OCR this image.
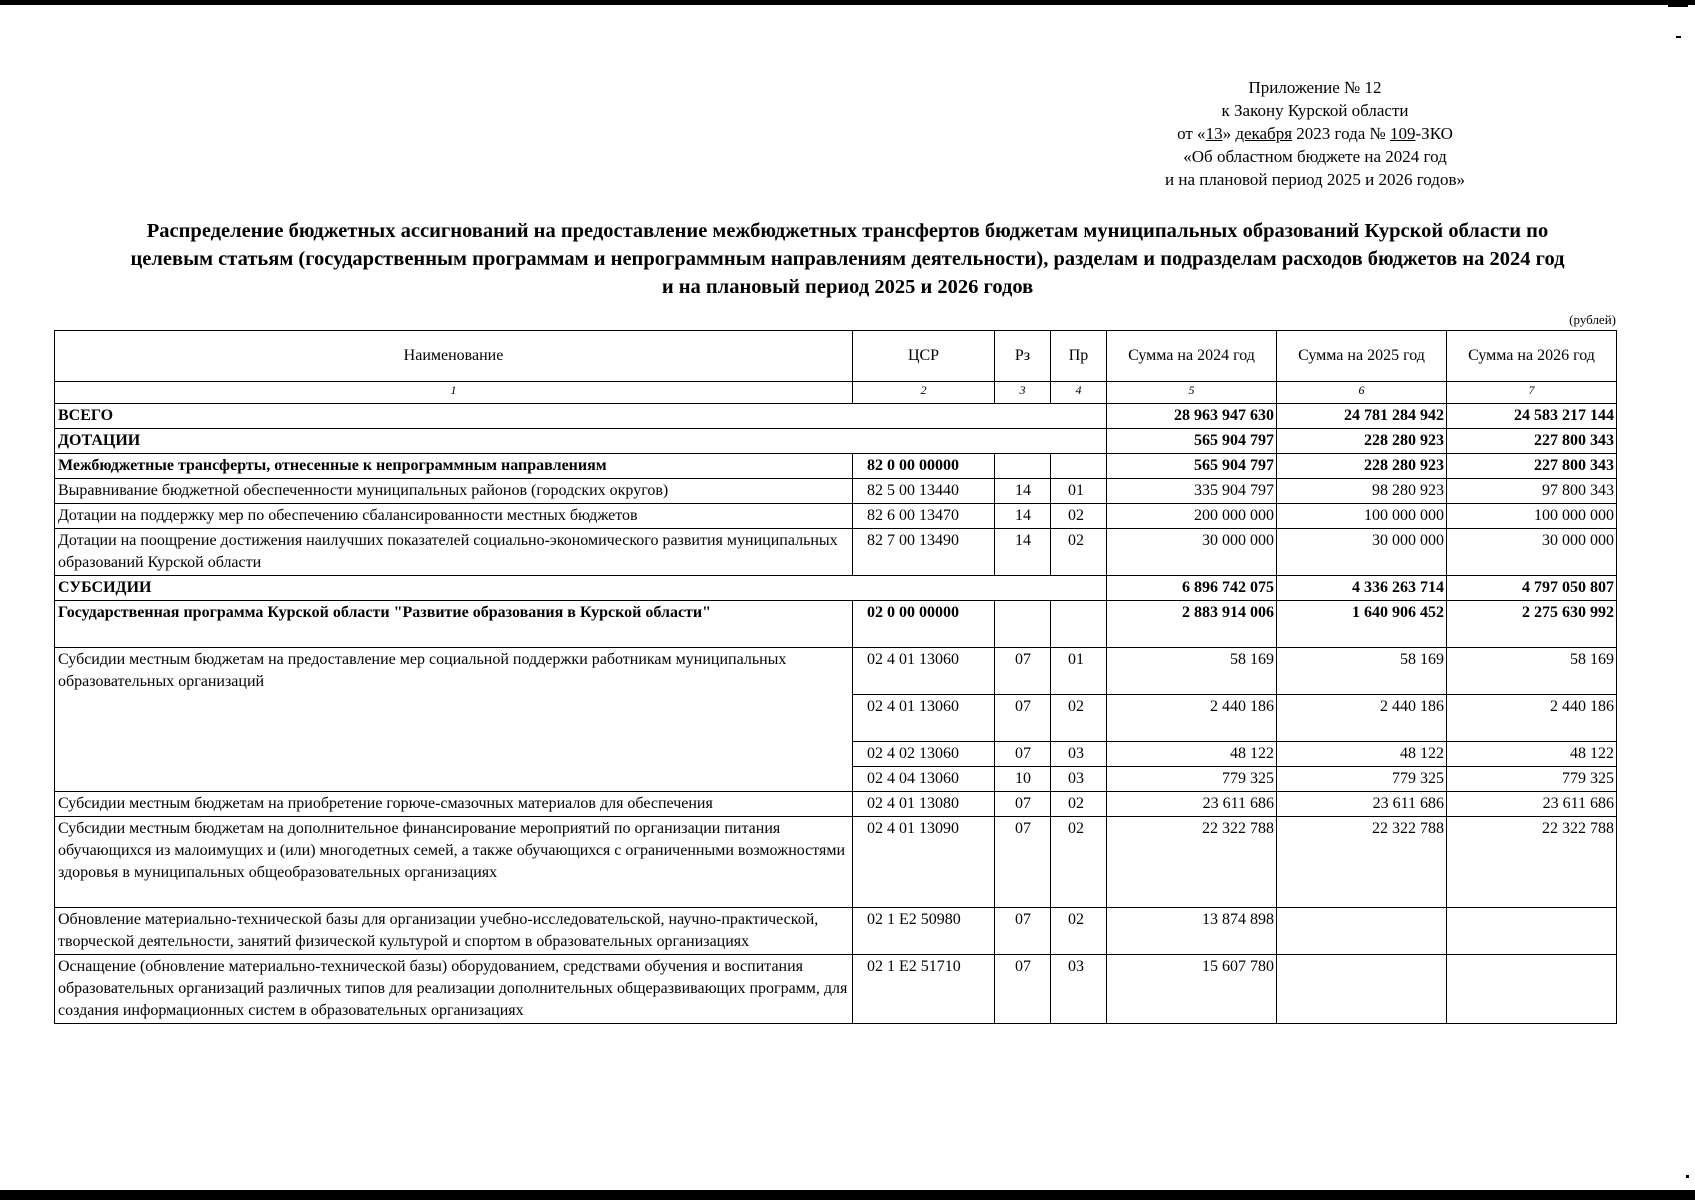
Приложение № 12
к Закону Курской области
от «13» декабря 2023 года № 109-ЗКО
«Об областном бюджете на 2024 год
и на плановой период 2025 и 2026 годов»
Распределение бюджетных ассигнований на предоставление межбюджетных трансфертов бюджетам муниципальных образований Курской области по
целевым статьям (государственным программам и непрограммным направлениям деятельности), разделам и подразделам расходов бюджетов на 2024 год
и на плановый период 2025 и 2026 годов
(рублей)
Наименование	ЦСР	Рз	Пр	Сумма на 2024 год	Сумма на 2025 год	Сумма на 2026 год
1	2	3	4	5	6	7
ВСЕГО				28 963 947 630	24 781 284 942	24 583 217 144
ДОТАЦИИ				565 904 797	228 280 923	227 800 343
Межбюджетные трансферты, отнесенные к непрограммным направлениям	82 0 00 00000			565 904 797	228 280 923	227 800 343
Выравнивание бюджетной обеспеченности муниципальных районов (городских округов)	82 5 00 13440	14	01	335 904 797	98 280 923	97 800 343
Дотации на поддержку мер по обеспечению сбалансированности местных бюджетов	82 6 00 13470	14	02	200 000 000	100 000 000	100 000 000
Дотации на поощрение достижения наилучших показателей социально-экономического развития муниципальных образований Курской области	82 7 00 13490	14	02	30 000 000	30 000 000	30 000 000
СУБСИДИИ				6 896 742 075	4 336 263 714	4 797 050 807
Государственная программа Курской области "Развитие образования в Курской области"	02 0 00 00000			2 883 914 006	1 640 906 452	2 275 630 992
Субсидии местным бюджетам на предоставление мер социальной поддержки работникам муниципальных образовательных организаций	02 4 01 13060	07	01	58 169	58 169	58 169
	02 4 01 13060	07	02	2 440 186	2 440 186	2 440 186
	02 4 02 13060	07	03	48 122	48 122	48 122
	02 4 04 13060	10	03	779 325	779 325	779 325
Субсидии местным бюджетам на приобретение горюче-смазочных материалов для обеспечения	02 4 01 13080	07	02	23 611 686	23 611 686	23 611 686
Субсидии местным бюджетам на дополнительное финансирование мероприятий по организации питания обучающихся из малоимущих и (или) многодетных семей, а также обучающихся с ограниченными возможностями здоровья в муниципальных общеобразовательных организациях	02 4 01 13090	07	02	22 322 788	22 322 788	22 322 788
Обновление материально-технической базы для организации учебно-исследовательской, научно-практической, творческой деятельности, занятий физической культурой и спортом в образовательных организациях	02 1 Е2 50980	07	02	13 874 898		
Оснащение (обновление материально-технической базы) оборудованием, средствами обучения и воспитания образовательных организаций различных типов для реализации дополнительных общеразвивающих программ, для создания информационных систем в образовательных организациях	02 1 Е2 51710	07	03	15 607 780		
